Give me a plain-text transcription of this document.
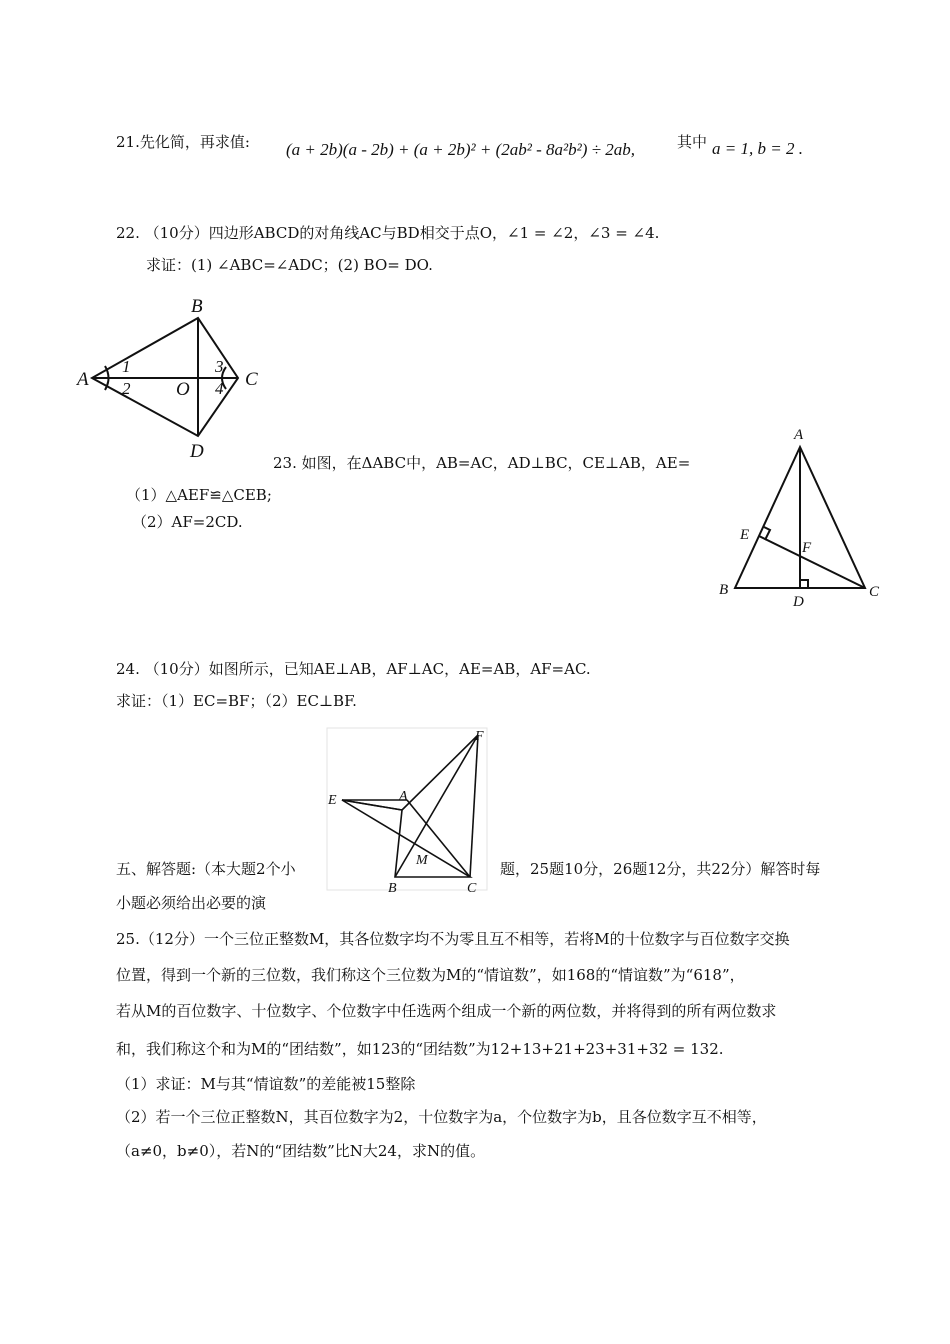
21.先化简，再求值: (a + 2b)(a - 2b) + (a + 2b)² + (2ab² - 8a²b²) ÷ 2ab,	其中 a = 1, b = 2 .
22. （10分）四边形ABCD的对角线AC与BD相交于点O，∠1 = ∠2，∠3 = ∠4.
求证：(1) ∠ABC=∠ADC；(2) BO= DO.
A
B
C
D
O
1
2
3
4
23. 如图，在ΔABC中，AB=AC，AD⊥BC，CE⊥AB，AE=
（1）△AEF≌△CEB;
（2）AF=2CD.
A
B	C
D
E
F
24. （10分）如图所示，已知AE⊥AB，AF⊥AC，AE=AB，AF=AC.
求证：（1）EC=BF；（2）EC⊥BF.
A
B	C
E
F
M
五、解答题:（本大题2个小	题，25题10分，26题12分，共22分）解答时每
小题必须给出必要的演
25.（12分）一个三位正整数M，其各位数字均不为零且互不相等，若将M的十位数字与百位数字交换
位置，得到一个新的三位数，我们称这个三位数为M的“情谊数”，如168的“情谊数”为“618”，
若从M的百位数字、十位数字、个位数字中任选两个组成一个新的两位数，并将得到的所有两位数求
和，我们称这个和为M的“团结数”，如123的“团结数”为12+13+21+23+31+32 = 132.
（1）求证：M与其“情谊数”的差能被15整除
（2）若一个三位正整数N，其百位数字为2，十位数字为a，个位数字为b，且各位数字互不相等，
（a≠0，b≠0），若N的“团结数”比N大24，求N的值。
